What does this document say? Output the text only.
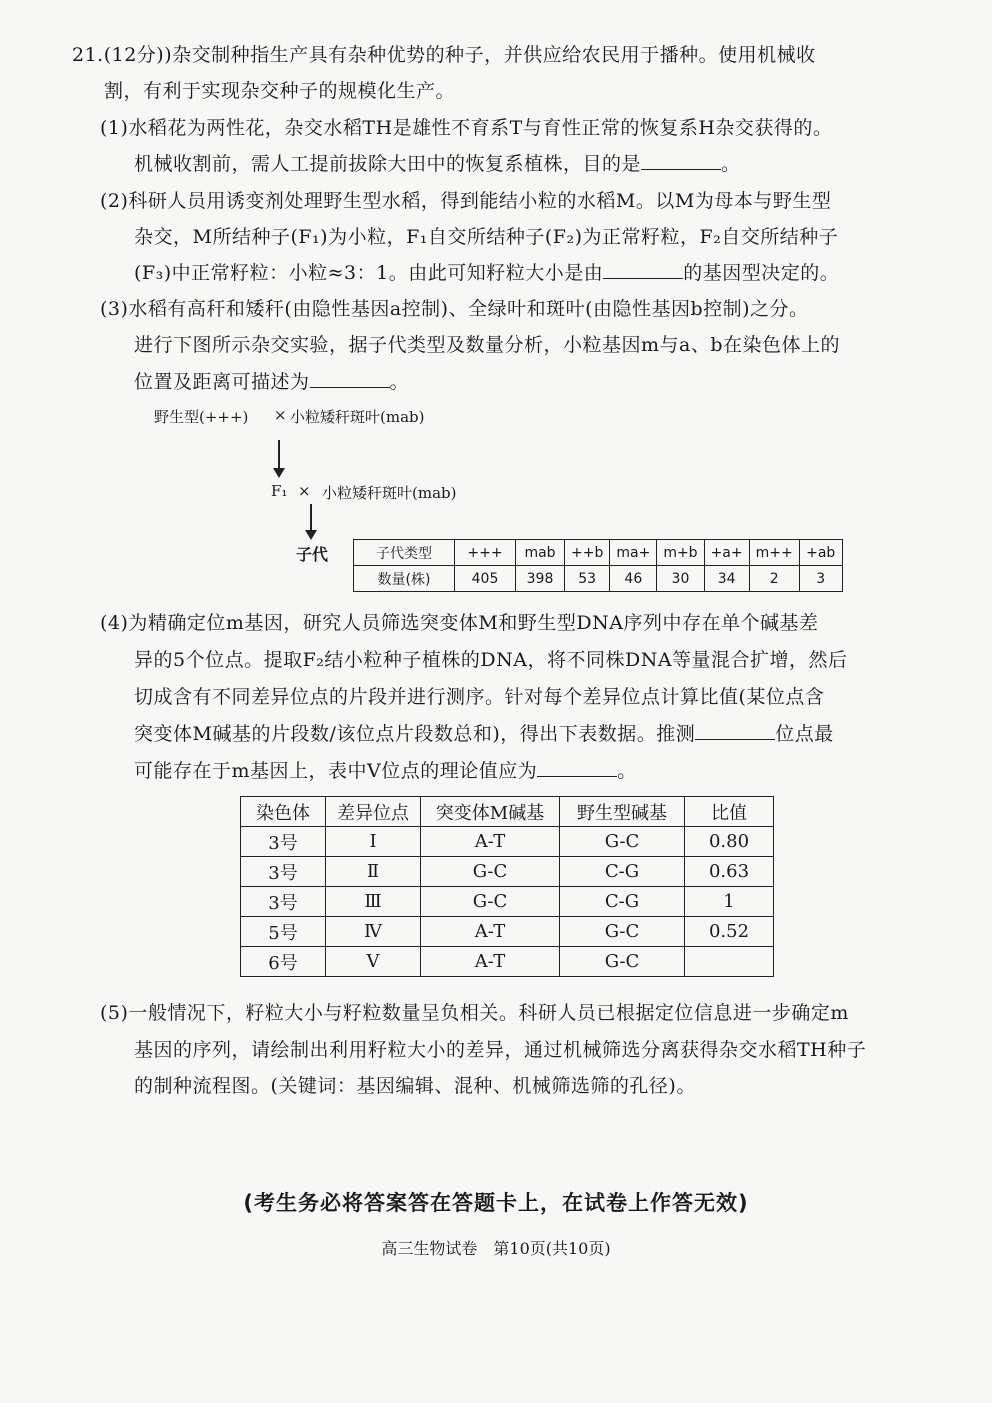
21.(12分))杂交制种指生产具有杂种优势的种子，并供应给农民用于播种。使用机械收
割，有利于实现杂交种子的规模化生产。
(1)水稻花为两性花，杂交水稻TH是雄性不育系T与育性正常的恢复系H杂交获得的。
机械收割前，需人工提前拔除大田中的恢复系植株，目的是	。
(2)科研人员用诱变剂处理野生型水稻，得到能结小粒的水稻M。以M为母本与野生型
杂交，M所结种子(F₁)为小粒，F₁自交所结种子(F₂)为正常籽粒，F₂自交所结种子
(F₃)中正常籽粒：小粒≈3：1。由此可知籽粒大小是由	的基因型决定的。
(3)水稻有高秆和矮秆(由隐性基因a控制)、全绿叶和斑叶(由隐性基因b控制)之分。
进行下图所示杂交实验，据子代类型及数量分析，小粒基因m与a、b在染色体上的
位置及距离可描述为	。
野生型(+++) × 小粒矮秆斑叶(mab)
F₁ × 小粒矮秆斑叶(mab)
子代	子代类型	+++	mab	++b	ma+	m+b	+a+	m++	+ab
数量(株)	405	398	53	46	30	34	2	3
(4)为精确定位m基因，研究人员筛选突变体M和野生型DNA序列中存在单个碱基差
异的5个位点。提取F₂结小粒种子植株的DNA，将不同株DNA等量混合扩增，然后
切成含有不同差异位点的片段并进行测序。针对每个差异位点计算比值(某位点含
突变体M碱基的片段数/该位点片段数总和)，得出下表数据。推测	位点最
可能存在于m基因上，表中Ⅴ位点的理论值应为	。
染色体	差异位点	突变体M碱基	野生型碱基	比值
3号	Ⅰ	A-T	G-C	0.80
3号	Ⅱ	G-C	C-G	0.63
3号	Ⅲ	G-C	C-G	1
5号	Ⅳ	A-T	G-C	0.52
6号	Ⅴ	A-T	G-C	
(5)一般情况下，籽粒大小与籽粒数量呈负相关。科研人员已根据定位信息进一步确定m
基因的序列，请绘制出利用籽粒大小的差异，通过机械筛选分离获得杂交水稻TH种子
的制种流程图。(关键词：基因编辑、混种、机械筛选筛的孔径)。
(考生务必将答案答在答题卡上，在试卷上作答无效)
高三生物试卷　第10页(共10页)
